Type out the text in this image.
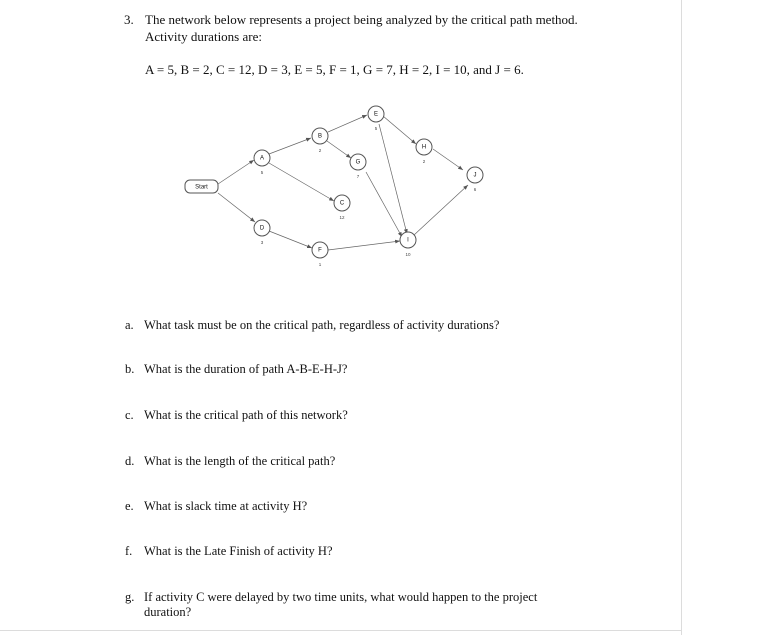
3. The network below represents a project being analyzed by the critical path method.
Activity durations are:
A = 5, B = 2, C = 12, D = 3, E = 5, F = 1, G = 7, H = 2, I = 10, and J = 6.
Start
A
5
B
2
C
12
D
3
E
5
F
1
G
7
H
2
I
10
J
6
a. What task must be on the critical path, regardless of activity durations?
b. What is the duration of path A-B-E-H-J?
c. What is the critical path of this network?
d. What is the length of the critical path?
e. What is slack time at activity H?
f. What is the Late Finish of activity H?
g. If activity C were delayed by two time units, what would happen to the project
duration?
